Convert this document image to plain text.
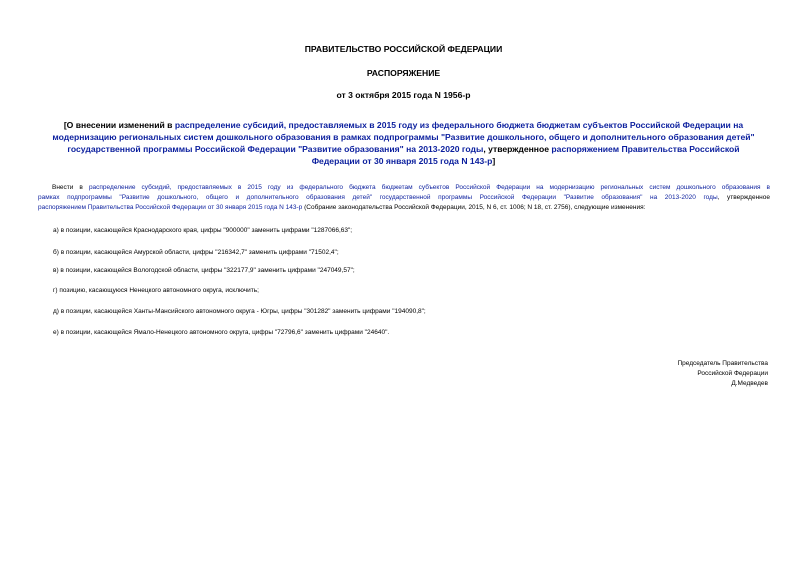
ПРАВИТЕЛЬСТВО РОССИЙСКОЙ ФЕДЕРАЦИИ
РАСПОРЯЖЕНИЕ
от 3 октября 2015 года N 1956-р
[О внесении изменений в распределение субсидий, предоставляемых в 2015 году из федерального бюджета бюджетам субъектов Российской Федерации на
модернизацию региональных систем дошкольного образования в рамках подпрограммы "Развитие дошкольного, общего и дополнительного образования детей"
государственной программы Российской Федерации "Развитие образования" на 2013-2020 годы, утвержденное распоряжением Правительства Российской
Федерации от 30 января 2015 года N 143-р]
Внести в распределение субсидий, предоставляемых в 2015 году из федерального бюджета бюджетам субъектов Российской Федерации на модернизацию региональных систем дошкольного образования в
рамках подпрограммы "Развитие дошкольного, общего и дополнительного образования детей" государственной программы Российской Федерации "Развитие образования" на 2013-2020 годы, утвержденное
распоряжением Правительства Российской Федерации от 30 января 2015 года N 143-р (Собрание законодательства Российской Федерации, 2015, N 6, ст. 1006; N 18, ст. 2756), следующие изменения:
а) в позиции, касающейся Краснодарского края, цифры "900000" заменить цифрами "1287066,63";
б) в позиции, касающейся Амурской области, цифры "216342,7" заменить цифрами "71502,4";
в) в позиции, касающейся Вологодской области, цифры "322177,9" заменить цифрами "247049,57";
г) позицию, касающуюся Ненецкого автономного округа, исключить;
д) в позиции, касающейся Ханты-Мансийского автономного округа - Югры, цифры "301282" заменить цифрами "194090,8";
е) в позиции, касающейся Ямало-Ненецкого автономного округа, цифры "72796,6" заменить цифрами "24640".
Председатель Правительства
Российской Федерации
Д.Медведев
